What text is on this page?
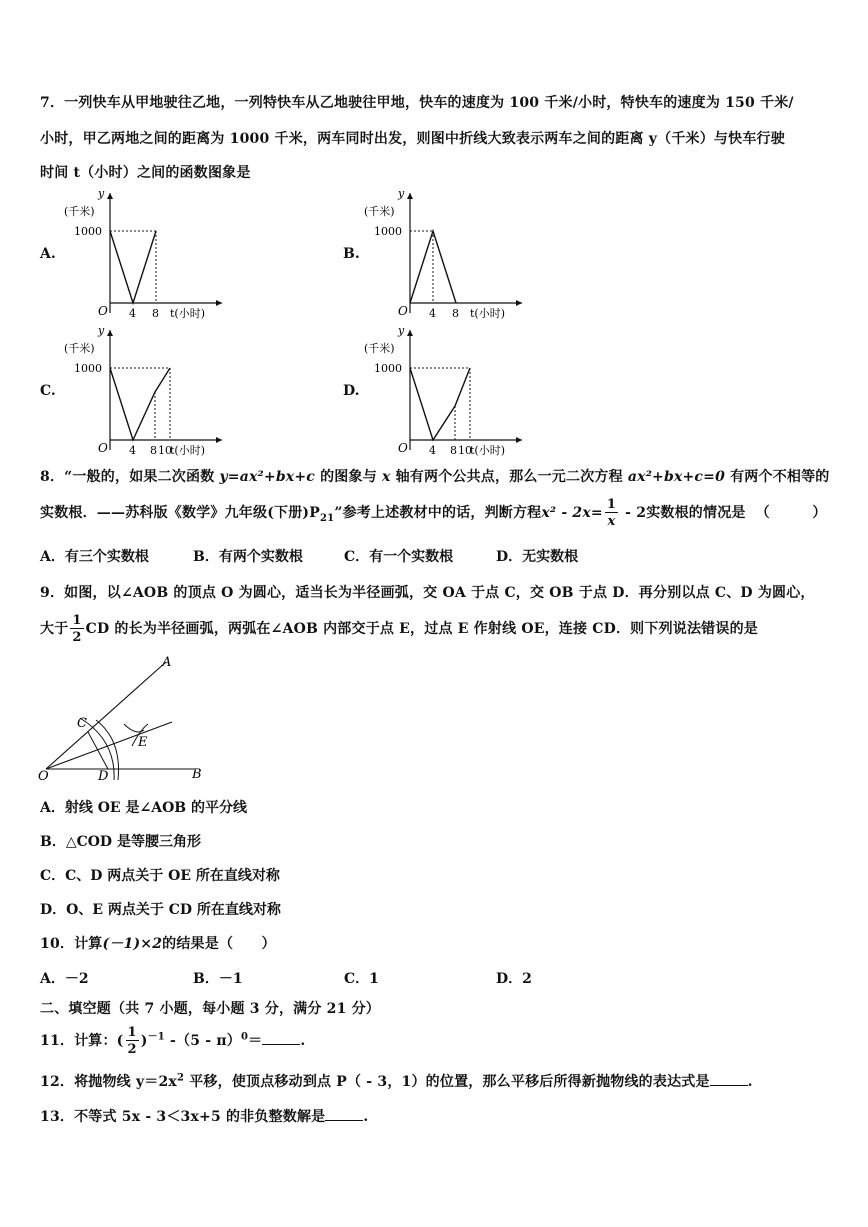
7．一列快车从甲地驶往乙地，一列特快车从乙地驶往甲地，快车的速度为 100 千米/小时，特快车的速度为 150 千米/
小时，甲乙两地之间的距离为 1000 千米，两车同时出发，则图中折线大致表示两车之间的距离 y（千米）与快车行驶
时间 t（小时）之间的函数图象是
A.
y
(千米)
1000
O 4 8 t(小时)
B.
y
(千米)
1000
O 4 8 t(小时)
C.
y
(千米)
1000
O 4 8 10
t(小时)
D.
y
(千米)
1000
O 4 8 10
t(小时)
8．“一般的，如果二次函数 y=ax²+bx+c 的图象与 x 轴有两个公共点，那么一元二次方程 ax²+bx+c=0 有两个不相等的
实数根．——苏科版《数学》九年级(下册)$P_{21}$”参考上述教材中的话，判断方程$x^2 - 2x= \frac{1}{x} - 2$实数根的情况是 （　　　）
A．有三个实数根	B．有两个实数根	C．有一个实数根	D．无实数根
9．如图，以∠AOB 的顶点 O 为圆心，适当长为半径画弧，交 OA 于点 C，交 OB 于点 D．再分别以点 C、D 为圆心，
大于 $\frac{1}{2}$ CD 的长为半径画弧，两弧在∠AOB 内部交于点 E，过点 E 作射线 OE，连接 CD．则下列说法错误的是
A
B
C
D
E
O
A．射线 OE 是∠AOB 的平分线
B．△COD 是等腰三角形
C．C、D 两点关于 OE 所在直线对称
D．O、E 两点关于 CD 所在直线对称
10．计算(－1)×2的结果是（　　）
A．－2	B．－1	C．1	D．2
二、填空题（共 7 小题，每小题 3 分，满分 21 分）
11．计算：( $\frac{1}{2} )^{-1}$ -（5 - π）$^0$＝	.
12．将抛物线 $y=2x^2$ 平移，使顶点移动到点 P（ - 3，1）的位置，那么平移后所得新抛物线的表达式是	.
13．不等式 5x - 3＜3x+5 的非负整数解是	.
